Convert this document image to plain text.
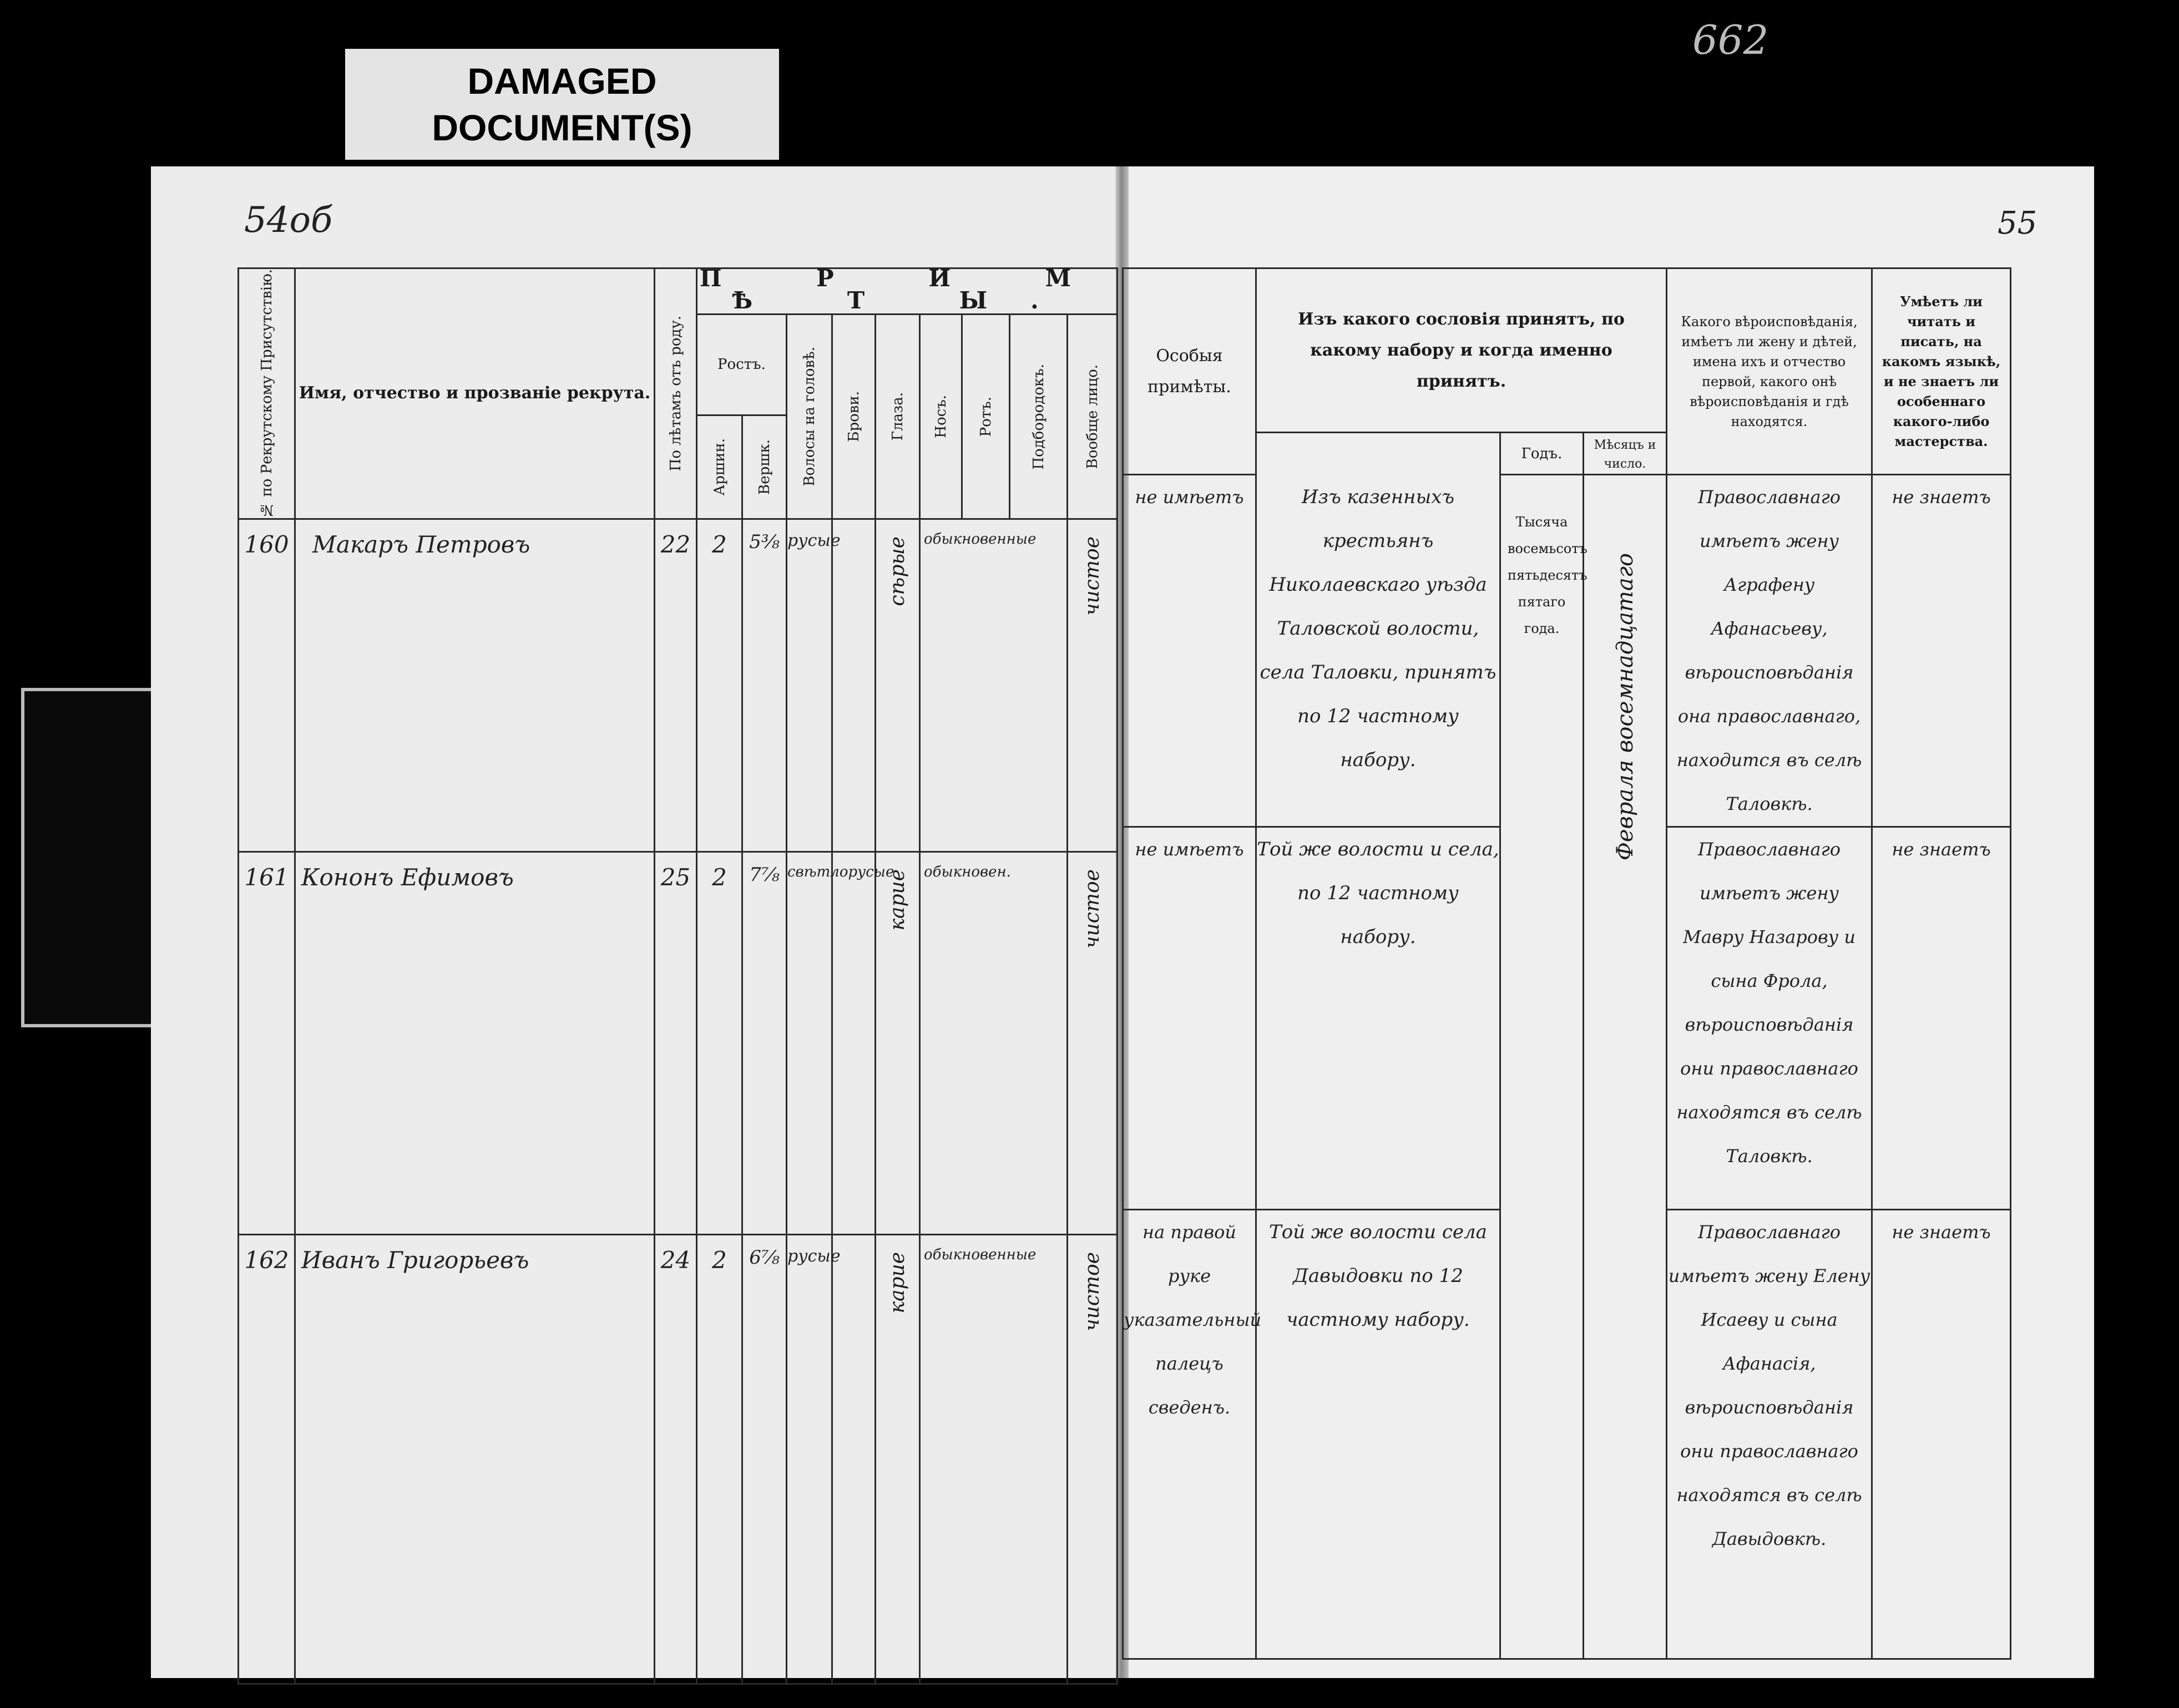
DAMAGED
DOCUMENT(S)
662
54об	55
№ по Рекрутскому Присутствію.	Имя, отчество и прозваніе рекрута.	По лѣтамъ отъ роду.	П Р И М Ѣ Т Ы.								
			Ростъ.		Волосы на головѣ.	Брови.	Глаза.	Носъ.	Ротъ.	Подбородокъ.	Вообще лицо.

			Аршин.	Вершк.							

160	Макаръ Петровъ	22	2	5⅜	русые		сѣрые	обыкновенные			чистое

161	Кононъ Ефимовъ	25	2	7⅞	свѣтлорусые		карие	обыкновен.			чистое

162	Иванъ Григорьевъ	24	2	6⅞	русые		карие	обыкновенные			чистое
Особыя примѣты.	Изъ какого сословія принятъ, по какому набору и когда именно принятъ.			Какого вѣроисповѣданія, имѣетъ ли жену и дѣтей, имена ихъ и отчество первой, какого онѣ вѣроисповѣданія и гдѣ находятся.	Умѣетъ ли читать и писать, на какомъ языкѣ, и не знаетъ ли особеннаго какого-либо мастерства.

		Годъ.	Мѣсяцъ и число.		
не имѣетъ	Изъ казенныхъ крестьянъ Николаевскаго уѣзда Таловской волости, села Таловки, принятъ по 12 частному набору.	Тысяча восемьсотъ пятьдесятъ пятаго года.	Февраля восемнадцатаго	Православнаго имѣетъ жену Аграфену Афанасьеву, вѣроисповѣданія она православнаго, находится въ селѣ Таловкѣ.	не знаетъ
не имѣетъ	Той же волости и села, по 12 частному набору.			Православнаго имѣетъ жену Мавру Назарову и сына Фрола, вѣроисповѣданія они православнаго находятся въ селѣ Таловкѣ.	не знаетъ
на правой руке указательный палецъ сведенъ.	Той же волости села Давыдовки по 12 частному набору.			Православнаго имѣетъ жену Елену Исаеву и сына Афанасія, вѣроисповѣданія они православнаго находятся въ селѣ Давыдовкѣ.	не знаетъ
